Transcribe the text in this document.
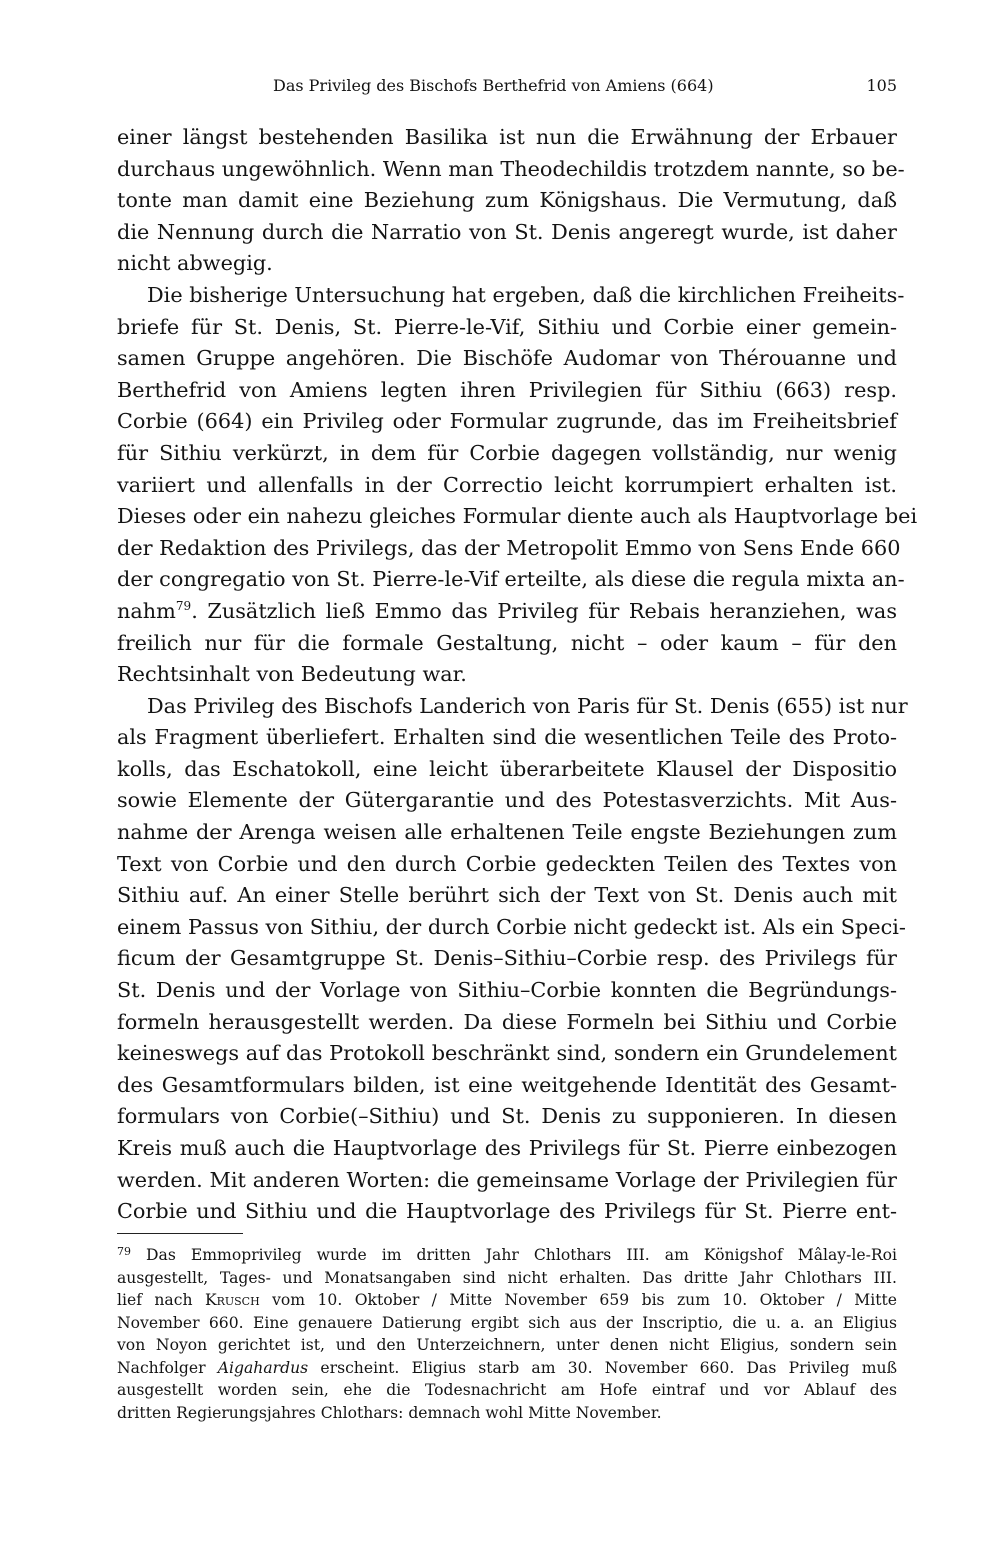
Das Privileg des Bischofs Berthefrid von Amiens (664)	105
einer längst bestehenden Basilika ist nun die Erwähnung der Erbauer
durchaus ungewöhnlich. Wenn man Theodechildis trotzdem nannte, so be-
tonte man damit eine Beziehung zum Königshaus. Die Vermutung, daß
die Nennung durch die Narratio von St. Denis angeregt wurde, ist daher
nicht abwegig.
Die bisherige Untersuchung hat ergeben, daß die kirchlichen Freiheits-
briefe für St. Denis, St. Pierre-le-Vif, Sithiu und Corbie einer gemein-
samen Gruppe angehören. Die Bischöfe Audomar von Thérouanne und
Berthefrid von Amiens legten ihren Privilegien für Sithiu (663) resp.
Corbie (664) ein Privileg oder Formular zugrunde, das im Freiheitsbrief
für Sithiu verkürzt, in dem für Corbie dagegen vollständig, nur wenig
variiert und allenfalls in der Correctio leicht korrumpiert erhalten ist.
Dieses oder ein nahezu gleiches Formular diente auch als Hauptvorlage bei
der Redaktion des Privilegs, das der Metropolit Emmo von Sens Ende 660
der congregatio von St. Pierre-le-Vif erteilte, als diese die regula mixta an-
nahm$^{79}$. Zusätzlich ließ Emmo das Privileg für Rebais heranziehen, was
freilich nur für die formale Gestaltung, nicht – oder kaum – für den
Rechtsinhalt von Bedeutung war.
Das Privileg des Bischofs Landerich von Paris für St. Denis (655) ist nur
als Fragment überliefert. Erhalten sind die wesentlichen Teile des Proto-
kolls, das Eschatokoll, eine leicht überarbeitete Klausel der Dispositio
sowie Elemente der Gütergarantie und des Potestasverzichts. Mit Aus-
nahme der Arenga weisen alle erhaltenen Teile engste Beziehungen zum
Text von Corbie und den durch Corbie gedeckten Teilen des Textes von
Sithiu auf. An einer Stelle berührt sich der Text von St. Denis auch mit
einem Passus von Sithiu, der durch Corbie nicht gedeckt ist. Als ein Speci-
ficum der Gesamtgruppe St. Denis–Sithiu–Corbie resp. des Privilegs für
St. Denis und der Vorlage von Sithiu–Corbie konnten die Begründungs-
formeln herausgestellt werden. Da diese Formeln bei Sithiu und Corbie
keineswegs auf das Protokoll beschränkt sind, sondern ein Grundelement
des Gesamtformulars bilden, ist eine weitgehende Identität des Gesamt-
formulars von Corbie(–Sithiu) und St. Denis zu supponieren. In diesen
Kreis muß auch die Hauptvorlage des Privilegs für St. Pierre einbezogen
werden. Mit anderen Worten: die gemeinsame Vorlage der Privilegien für
Corbie und Sithiu und die Hauptvorlage des Privilegs für St. Pierre ent-
$^{79}$ Das Emmoprivileg wurde im dritten Jahr Chlothars III. am Königshof Mâlay-le-Roi
ausgestellt, Tages- und Monatsangaben sind nicht erhalten. Das dritte Jahr Chlothars III.
lief nach Krusch vom 10. Oktober / Mitte November 659 bis zum 10. Oktober / Mitte
November 660. Eine genauere Datierung ergibt sich aus der Inscriptio, die u. a. an Eligius
von Noyon gerichtet ist, und den Unterzeichnern, unter denen nicht Eligius, sondern sein
Nachfolger Aigahardus erscheint. Eligius starb am 30. November 660. Das Privileg muß
ausgestellt worden sein, ehe die Todesnachricht am Hofe eintraf und vor Ablauf des
dritten Regierungsjahres Chlothars: demnach wohl Mitte November.
